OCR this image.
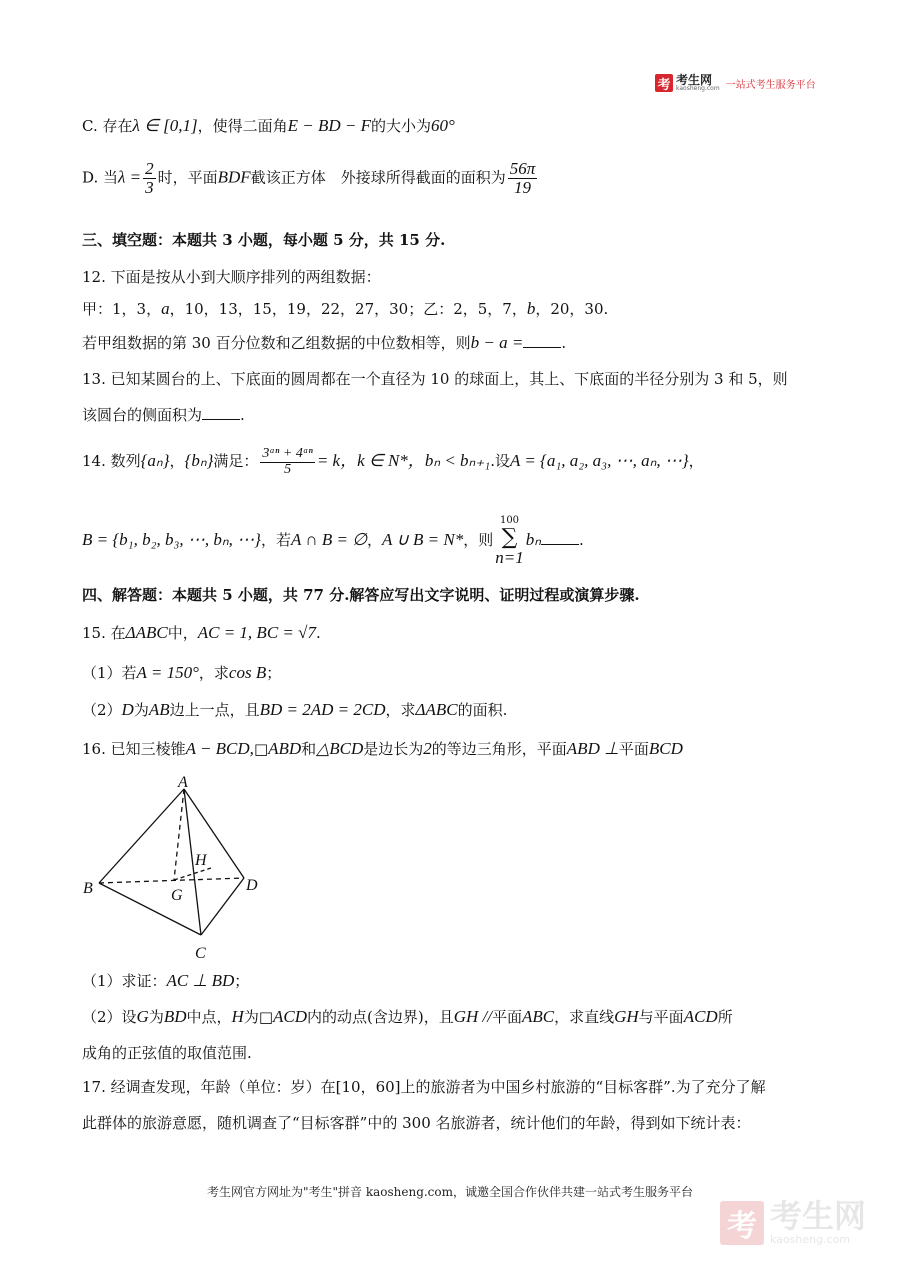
考 考生网
kaosheng.com 一站式考生服务平台
C. 存在λ ∈ [0,1]，使得二面角E − BD − F的大小为60°
D. 当$\lambda = \frac{2}{3}$ 时，平面BDF截该正方体　外接球所得截面的面积为 $\frac{56\pi}{19}$
三、填空题：本题共 3 小题，每小题 5 分，共 15 分.
12. 下面是按从小到大顺序排列的两组数据：
甲：1，3，a，10，13，15，19，22，27，30；乙：2，5，7，b，20，30.
若甲组数据的第 30 百分位数和乙组数据的中位数相等，则b − a =	.
13. 已知某圆台的上、下底面的圆周都在一个直径为 10 的球面上，其上、下底面的半径分别为 3 和 5，则
该圆台的侧面积为	.
14. 数列{aₙ}，{bₙ}满足： $\frac{\text{3ᵃⁿ + 4ᵃⁿ}}{5} = k$，k ∈ N*，bₙ < bₙ₊₁.设A = {a₁, a₂, a₃, ⋯, aₙ, ⋯}，
B = {b₁, b₂, b₃, ⋯, bₙ, ⋯}，若A ∩ B = ∅，A ∪ B = N*，则
100
∑
n=1
bₙ	.
四、解答题：本题共 5 小题，共 77 分.解答应写出文字说明、证明过程或演算步骤.
15. 在ΔABC中，AC = 1, BC = √7.
（1）若A = 150°，求cos B；
（2）D为AB边上一点，且BD = 2AD = 2CD，求ΔABC的面积.
16. 已知三棱锥A − BCD,□ABD和△BCD是边长为2的等边三角形，平面ABD ⊥平面BCD
A
B
C
D
G
H
（1）求证：AC ⊥ BD；
（2）设G为BD中点，H为□ACD内的动点(含边界)，且GH //平面ABC，求直线GH与平面ACD所
成角的正弦值的取值范围.
17. 经调查发现，年龄（单位：岁）在[10，60]上的旅游者为中国乡村旅游的“目标客群”.为了充分了解
此群体的旅游意愿，随机调查了“目标客群”中的 300 名旅游者，统计他们的年龄，得到如下统计表：
考生网官方网址为"考生"拼音 kaosheng.com，诚邀全国合作伙伴共建一站式考生服务平台
考 考生网
kaosheng.com
